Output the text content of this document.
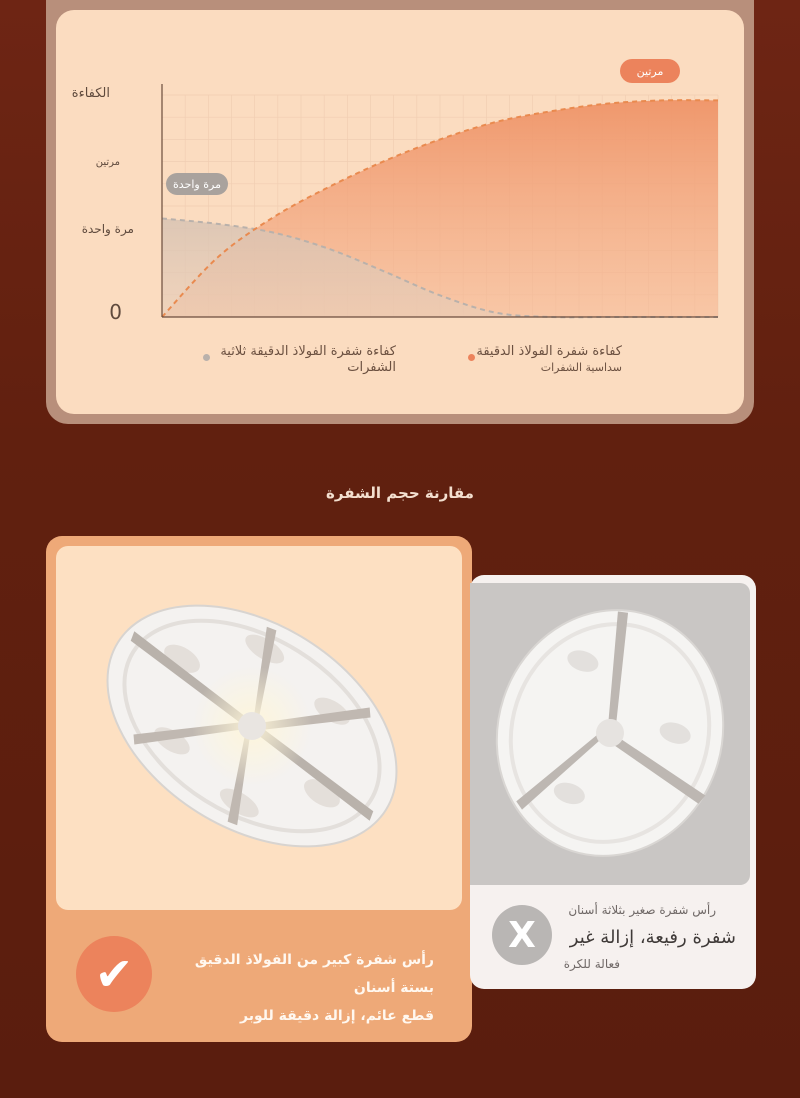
الكفاءة
0
مرة واحدة
مرتين
مرة واحدة
مرتين
كفاءة شفرة الفولاذ الدقيقة
سداسية الشفرات
كفاءة شفرة الفولاذ الدقيقة ثلاثية
الشفرات
مقارنة حجم الشفرة
✔	رأس شفرة كبير من الفولاذ الدقيق بستة أسنان
قطع عائم، إزالة دقيقة للوبر
X
رأس شفرة صغير بثلاثة أسنان
شفرة رفيعة، إزالة غير
فعالة للكرة
